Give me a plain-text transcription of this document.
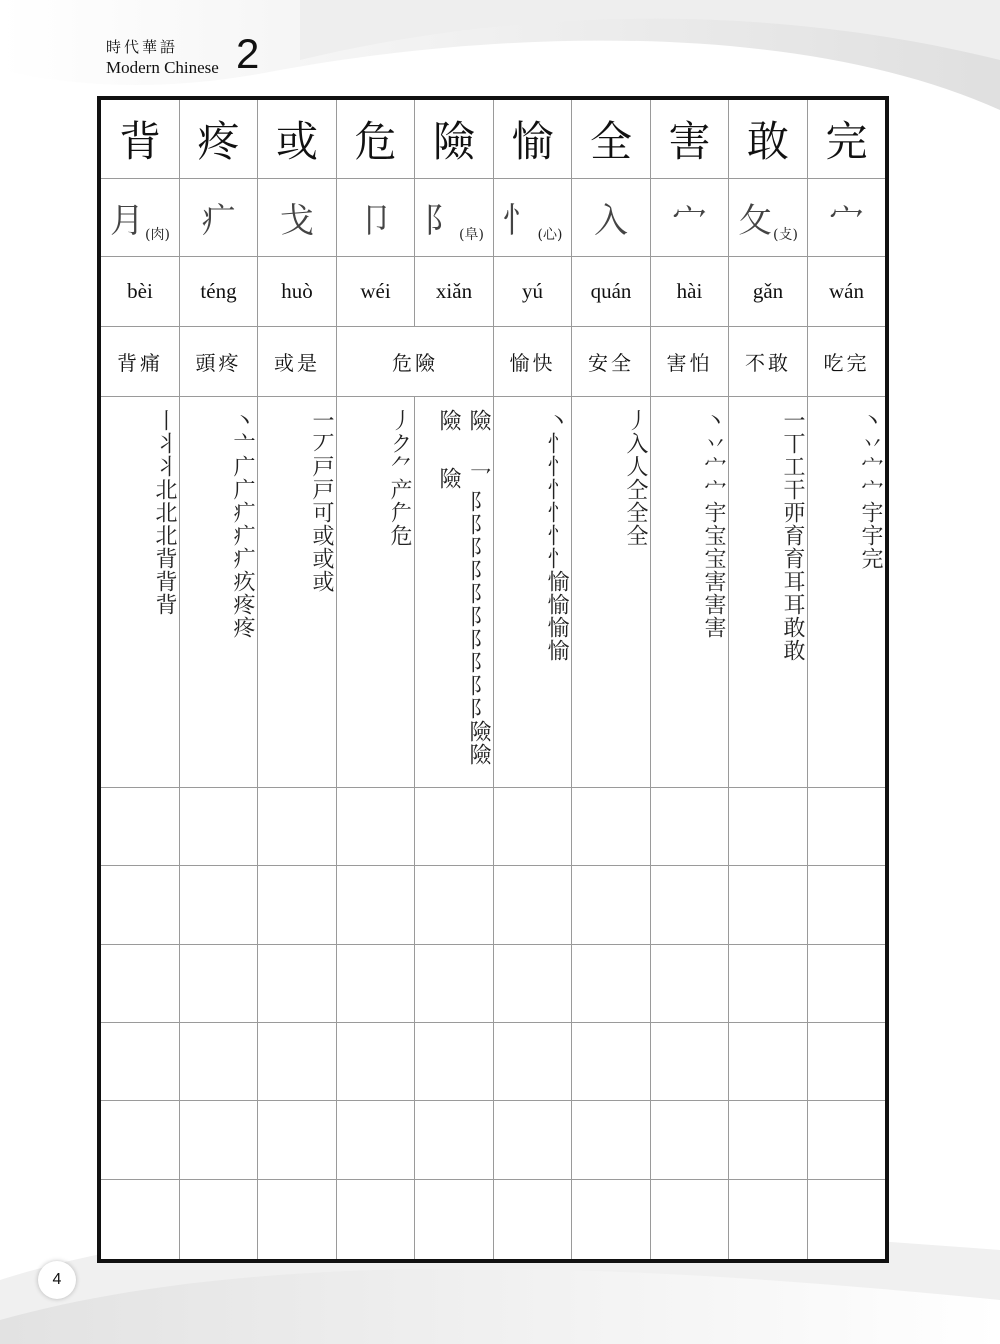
時代華語
Modern Chinese 2
背
月 (肉)
bèi
疼
疒
téng
或
戈
huò
危
卩
wéi
險
阝 (阜)
xiǎn
愉
忄 (心)
yú
全
入
quán
害
宀
hài
敢
攵 (攴)
gǎn
完
宀
wán
背痛 頭疼 或是	危險	愉快 安全 害怕 不敢 吃完
丨丬丬北北北背背背
丶亠广广疒疒疒疚疼疼
一丆戸戸可或或或
丿ク⺈产厃危
險險
⺂阝阝阝阝阝阝阝阝阝阝險險險
丶忄忄忄忄忄忄愉愉愉愉
丿入人仝全全
丶丷宀宀宇宝宝害害害
一丅工干丣育育耳耳敢敢
丶丷宀宀宇宇完
4
